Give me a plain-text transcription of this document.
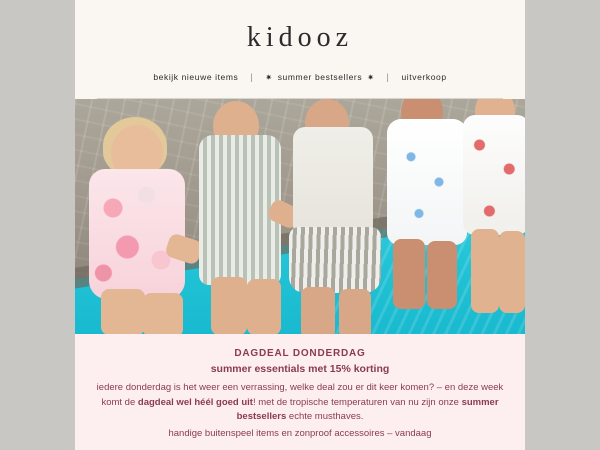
kidooz
bekijk nieuwe items | ✷ summer bestsellers ✷ | uitverkoop
DAGDEAL DONDERDAG
summer essentials met 15% korting
iedere donderdag is het weer een verrassing, welke deal zou er dit keer komen? – en deze week komt de dagdeal wel héél goed uit! met de tropische temperaturen van nu zijn onze summer bestsellers echte musthaves.
handige buitenspeel items en zonproof accessoires – vandaag
